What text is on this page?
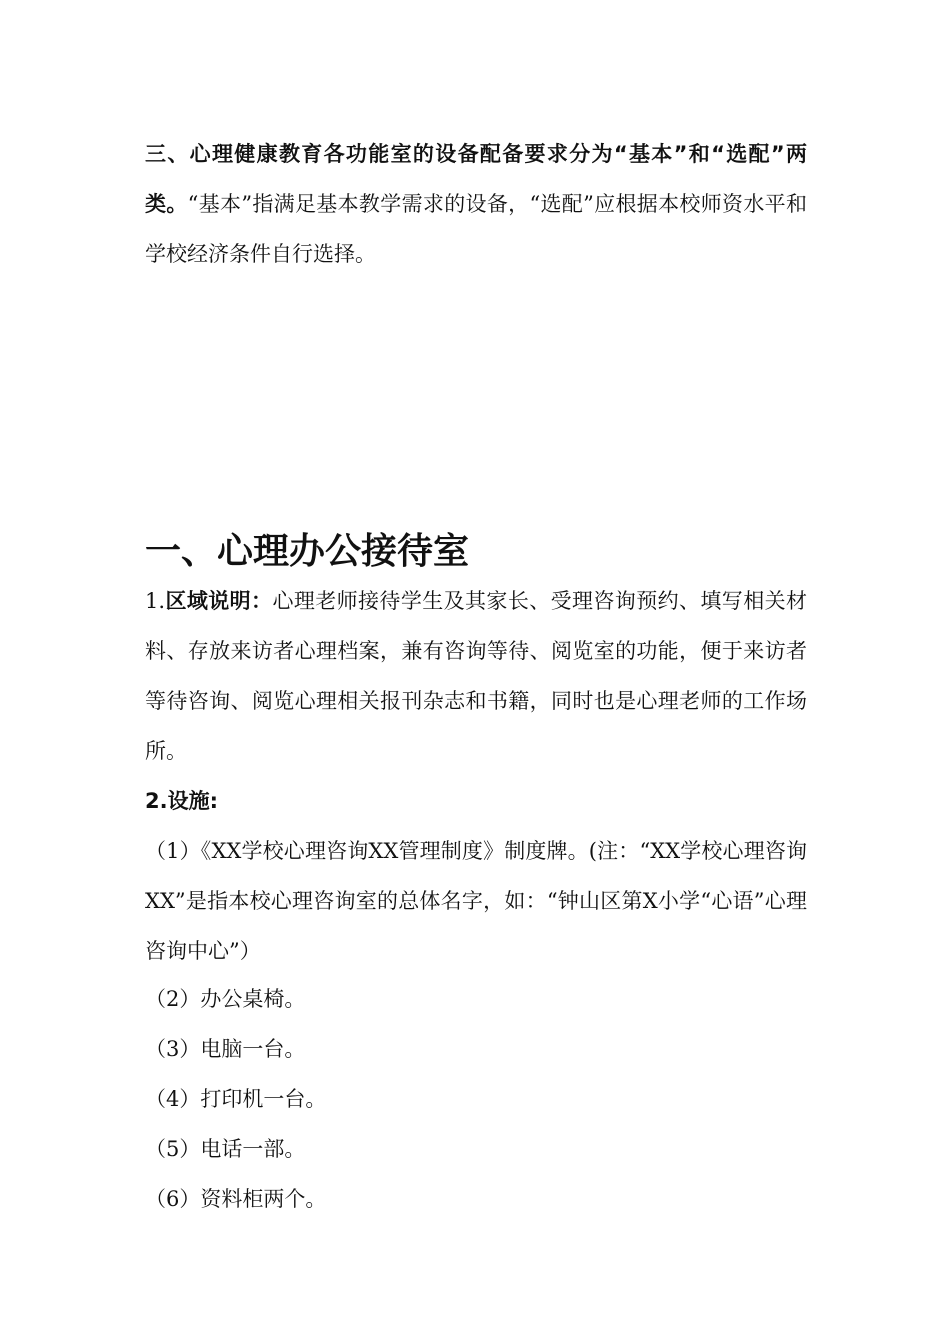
三、心理健康教育各功能室的设备配备要求分为“基本”和“选配”两类。“基本”指满足基本教学需求的设备，“选配”应根据本校师资水平和学校经济条件自行选择。

一、心理办公接待室

1.区域说明：心理老师接待学生及其家长、受理咨询预约、填写相关材料、存放来访者心理档案，兼有咨询等待、阅览室的功能，便于来访者等待咨询、阅览心理相关报刊杂志和书籍，同时也是心理老师的工作场所。

2.设施:

（1）《XX学校心理咨询XX管理制度》制度牌。(注：“XX学校心理咨询XX”是指本校心理咨询室的总体名字，如：“钟山区第X小学“心语”心理咨询中心”）

（2）办公桌椅。

（3）电脑一台。

（4）打印机一台。

（5）电话一部。

（6）资料柜两个。
